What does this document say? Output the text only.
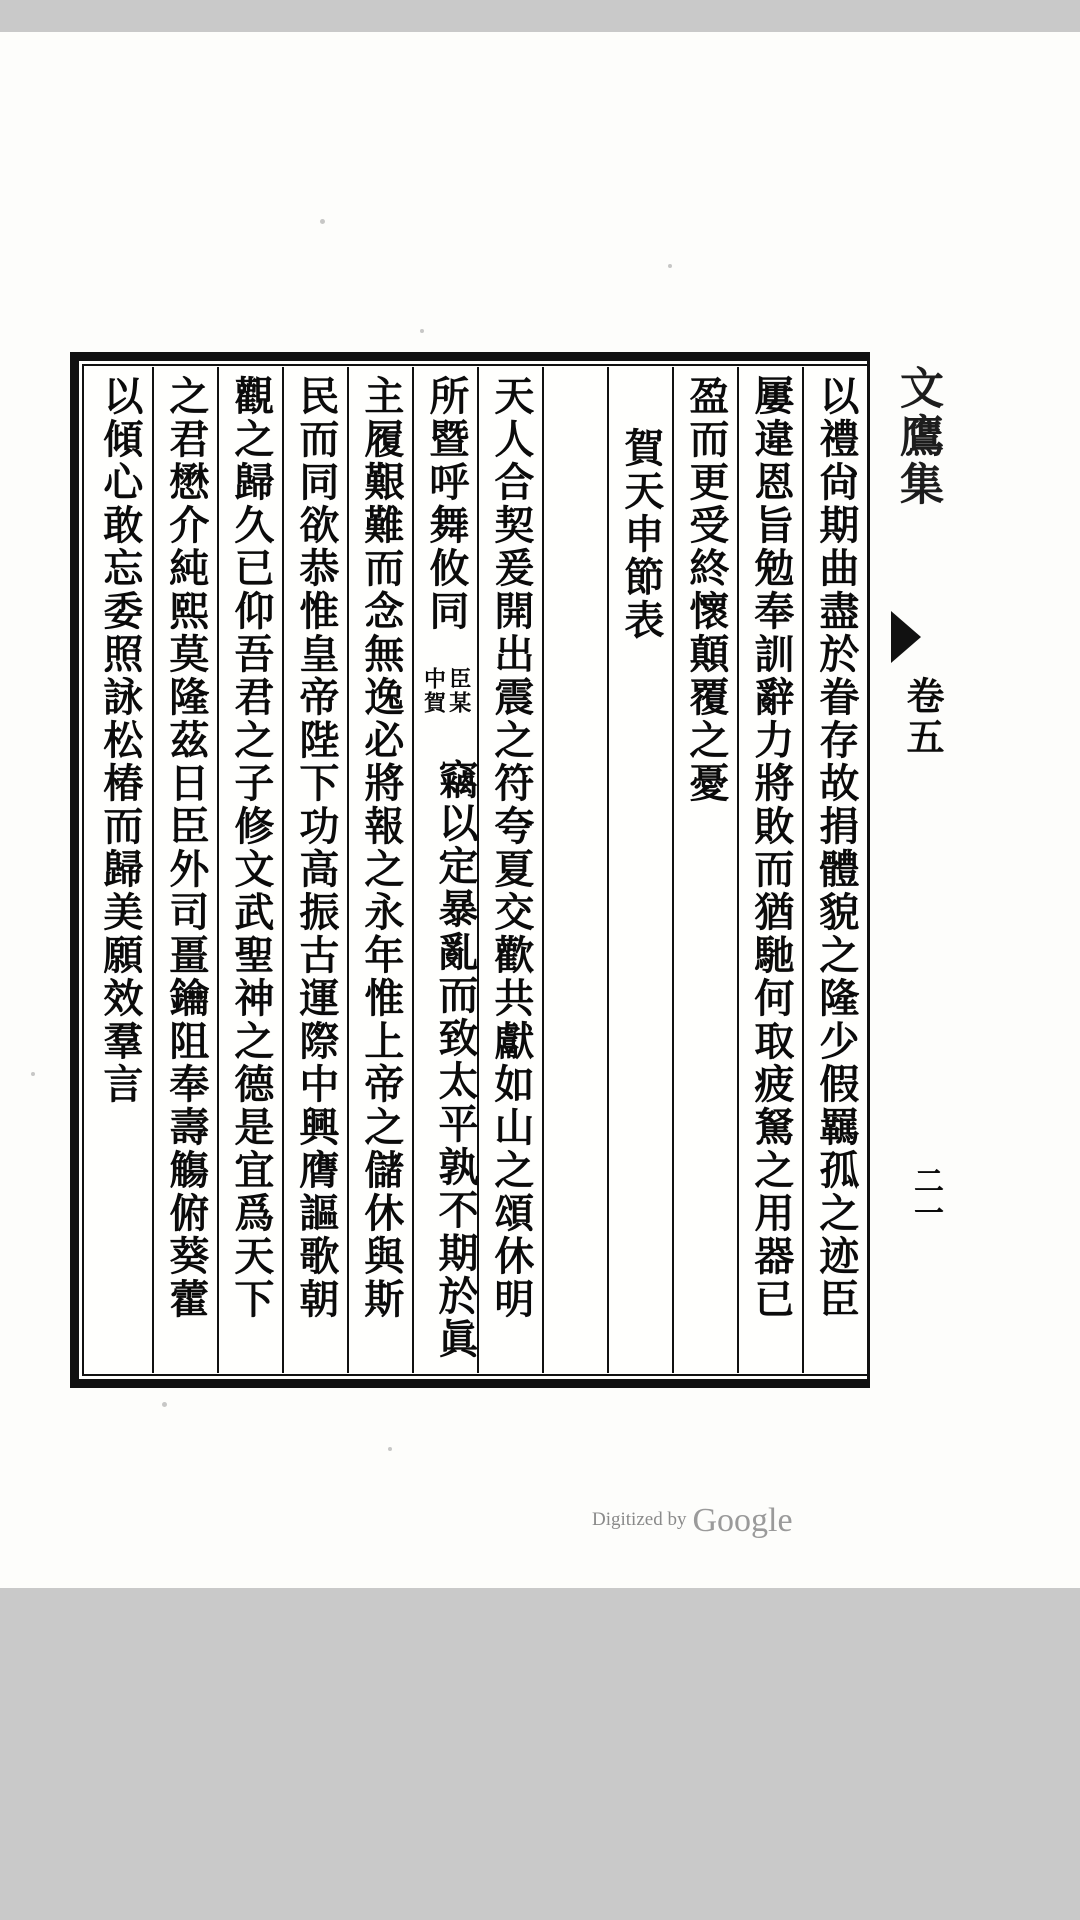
文鷹集
卷五
二一
以禮尙期曲盡於眷存故捐體貌之隆少假羈孤之迹臣
屢違恩旨勉奉訓辭力將敗而猶馳何取疲駑之用器已
盈而更受終懷顛覆之憂
賀天申節表
天人合契爰開出震之符夸夏交歡共獻如山之頌休明
所暨呼舞攸同
臣某
中賀
竊以定暴亂而致太平孰不期於眞
主履艱難而念無逸必將報之永年惟上帝之儲休與斯
民而同欲恭惟皇帝陛下功高振古運際中興膺謳歌朝
觀之歸久已仰吾君之子修文武聖神之德是宜爲天下
之君懋介純熙莫隆茲日臣外司畺鑰阻奉壽觴俯葵藿
以傾心敢忘委照詠松椿而歸美願效羣言
Digitized by Google
